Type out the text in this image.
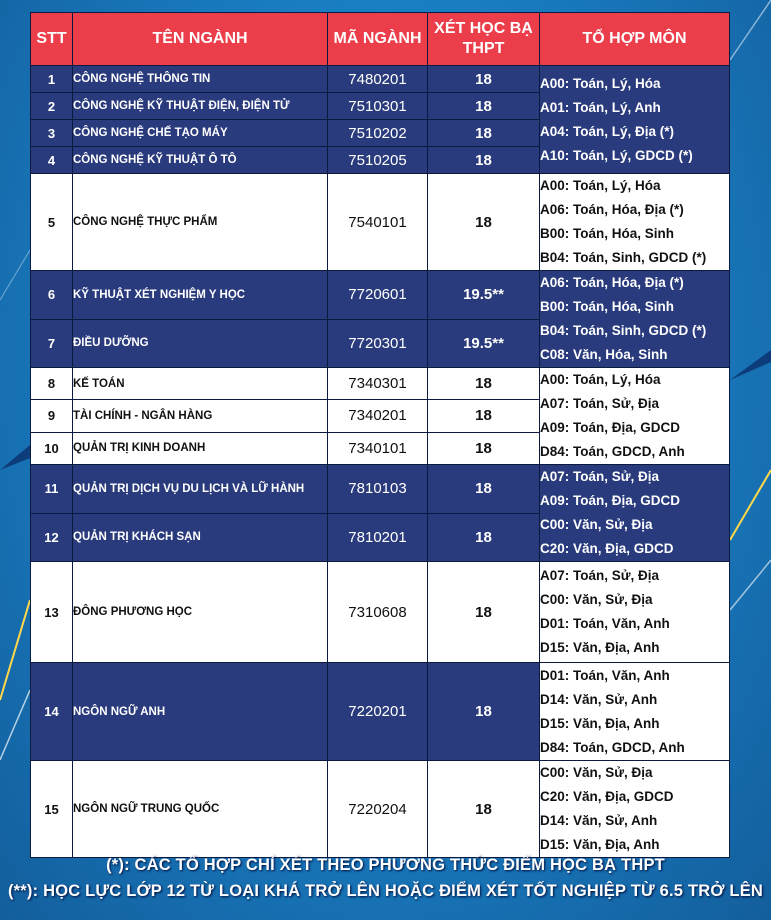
STT	TÊN NGÀNH	MÃ NGÀNH	XÉT HỌC BẠ
THPT	TỔ HỢP MÔN
1	CÔNG NGHỆ THÔNG TIN	7480201	18	A00: Toán, Lý, Hóa
A01: Toán, Lý, Anh
A04: Toán, Lý, Địa (*)
A10: Toán, Lý, GDCD (*)

2	CÔNG NGHỆ KỸ THUẬT ĐIỆN, ĐIỆN TỬ	7510301	18	
3	CÔNG NGHỆ CHẾ TẠO MÁY	7510202	18	
4	CÔNG NGHỆ KỸ THUẬT Ô TÔ	7510205	18	
5	CÔNG NGHỆ THỰC PHẨM	7540101	18	A00: Toán, Lý, Hóa
A06: Toán, Hóa, Địa (*)
B00: Toán, Hóa, Sinh
B04: Toán, Sinh, GDCD (*)

6	KỸ THUẬT XÉT NGHIỆM Y HỌC	7720601	19.5**	A06: Toán, Hóa, Địa (*)
B00: Toán, Hóa, Sinh
B04: Toán, Sinh, GDCD (*)
C08: Văn, Hóa, Sinh

7	ĐIỀU DƯỠNG	7720301	19.5**	
8	KẾ TOÁN	7340301	18	A00: Toán, Lý, Hóa
A07: Toán, Sử, Địa
A09: Toán, Địa, GDCD
D84: Toán, GDCD, Anh

9	TÀI CHÍNH - NGÂN HÀNG	7340201	18	
10	QUẢN TRỊ KINH DOANH	7340101	18	
11	QUẢN TRỊ DỊCH VỤ DU LỊCH VÀ LỮ HÀNH	7810103	18	A07: Toán, Sử, Địa
A09: Toán, Địa, GDCD
C00: Văn, Sử, Địa
C20: Văn, Địa, GDCD

12	QUẢN TRỊ KHÁCH SẠN	7810201	18	
13	ĐÔNG PHƯƠNG HỌC	7310608	18	A07: Toán, Sử, Địa
C00: Văn, Sử, Địa
D01: Toán, Văn, Anh
D15: Văn, Địa, Anh

14	NGÔN NGỮ ANH	7220201	18	D01: Toán, Văn, Anh
D14: Văn, Sử, Anh
D15: Văn, Địa, Anh
D84: Toán, GDCD, Anh

15	NGÔN NGỮ TRUNG QUỐC	7220204	18	C00: Văn, Sử, Địa
C20: Văn, Địa, GDCD
D14: Văn, Sử, Anh
D15: Văn, Địa, Anh
(*): CÁC TỔ HỢP CHỈ XÉT THEO PHƯƠNG THỨC ĐIỂM HỌC BẠ THPT
(**): HỌC LỰC LỚP 12 TỪ LOẠI KHÁ TRỞ LÊN HOẶC ĐIỂM XÉT TỐT NGHIỆP TỪ 6.5 TRỞ LÊN
